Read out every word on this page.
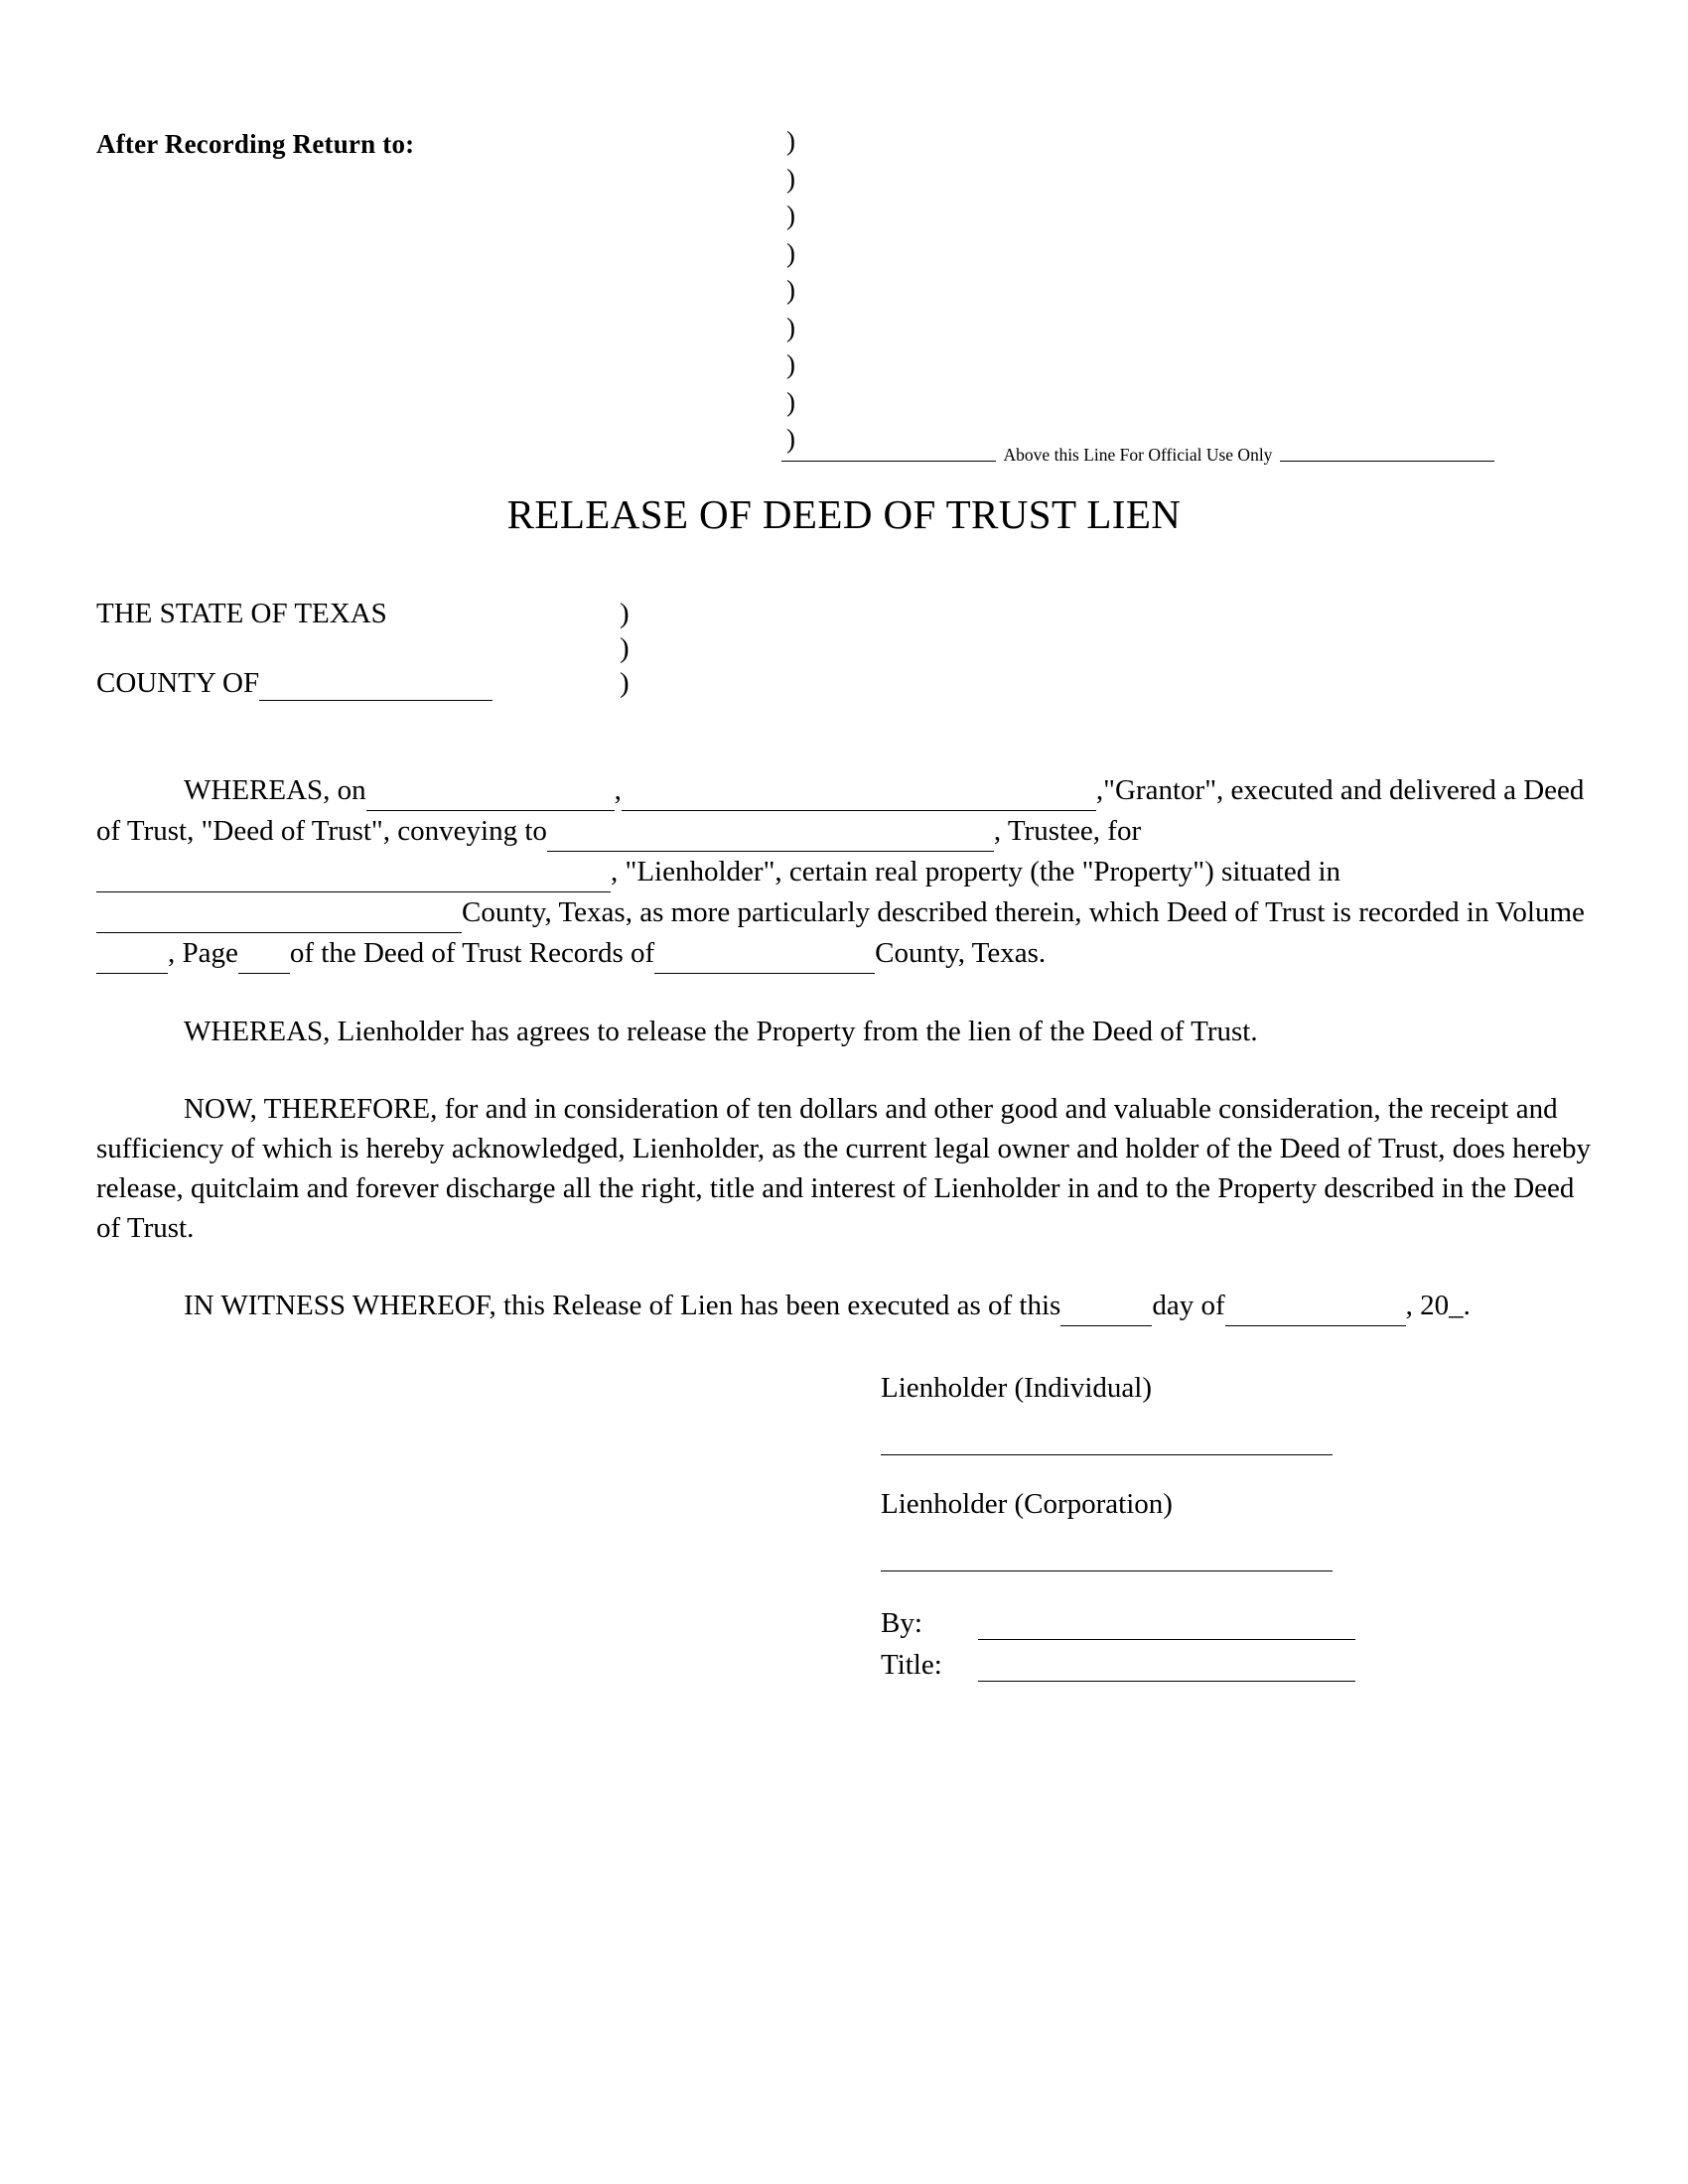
After Recording Return to:	)
)
)
)
)
)
)
)
)
Above this Line For Official Use Only
RELEASE OF DEED OF TRUST LIEN
THE STATE OF TEXAS	)
)
)
COUNTY OF

WHEREAS, on	,	,"Grantor", executed and delivered a Deed of Trust, "Deed of Trust", conveying to	, Trustee, for  , "Lienholder", certain real property (the "Property") situated in  County, Texas, as more particularly described therein, which Deed of Trust is recorded in Volume , Page of the Deed of Trust Records of	County, Texas.

WHEREAS, Lienholder has agrees to release the Property from the lien of the Deed of Trust.

NOW, THEREFORE, for and in consideration of ten dollars and other good and valuable consideration, the receipt and sufficiency of which is hereby acknowledged, Lienholder, as the current legal owner and holder of the Deed of Trust, does hereby release, quitclaim and forever discharge all the right, title and interest of Lienholder in and to the Property described in the Deed of Trust.

IN WITNESS WHEREOF, this Release of Lien has been executed as of this	day of	, 20_.

Lienholder (Individual)

Lienholder (Corporation)

By:
Title:
